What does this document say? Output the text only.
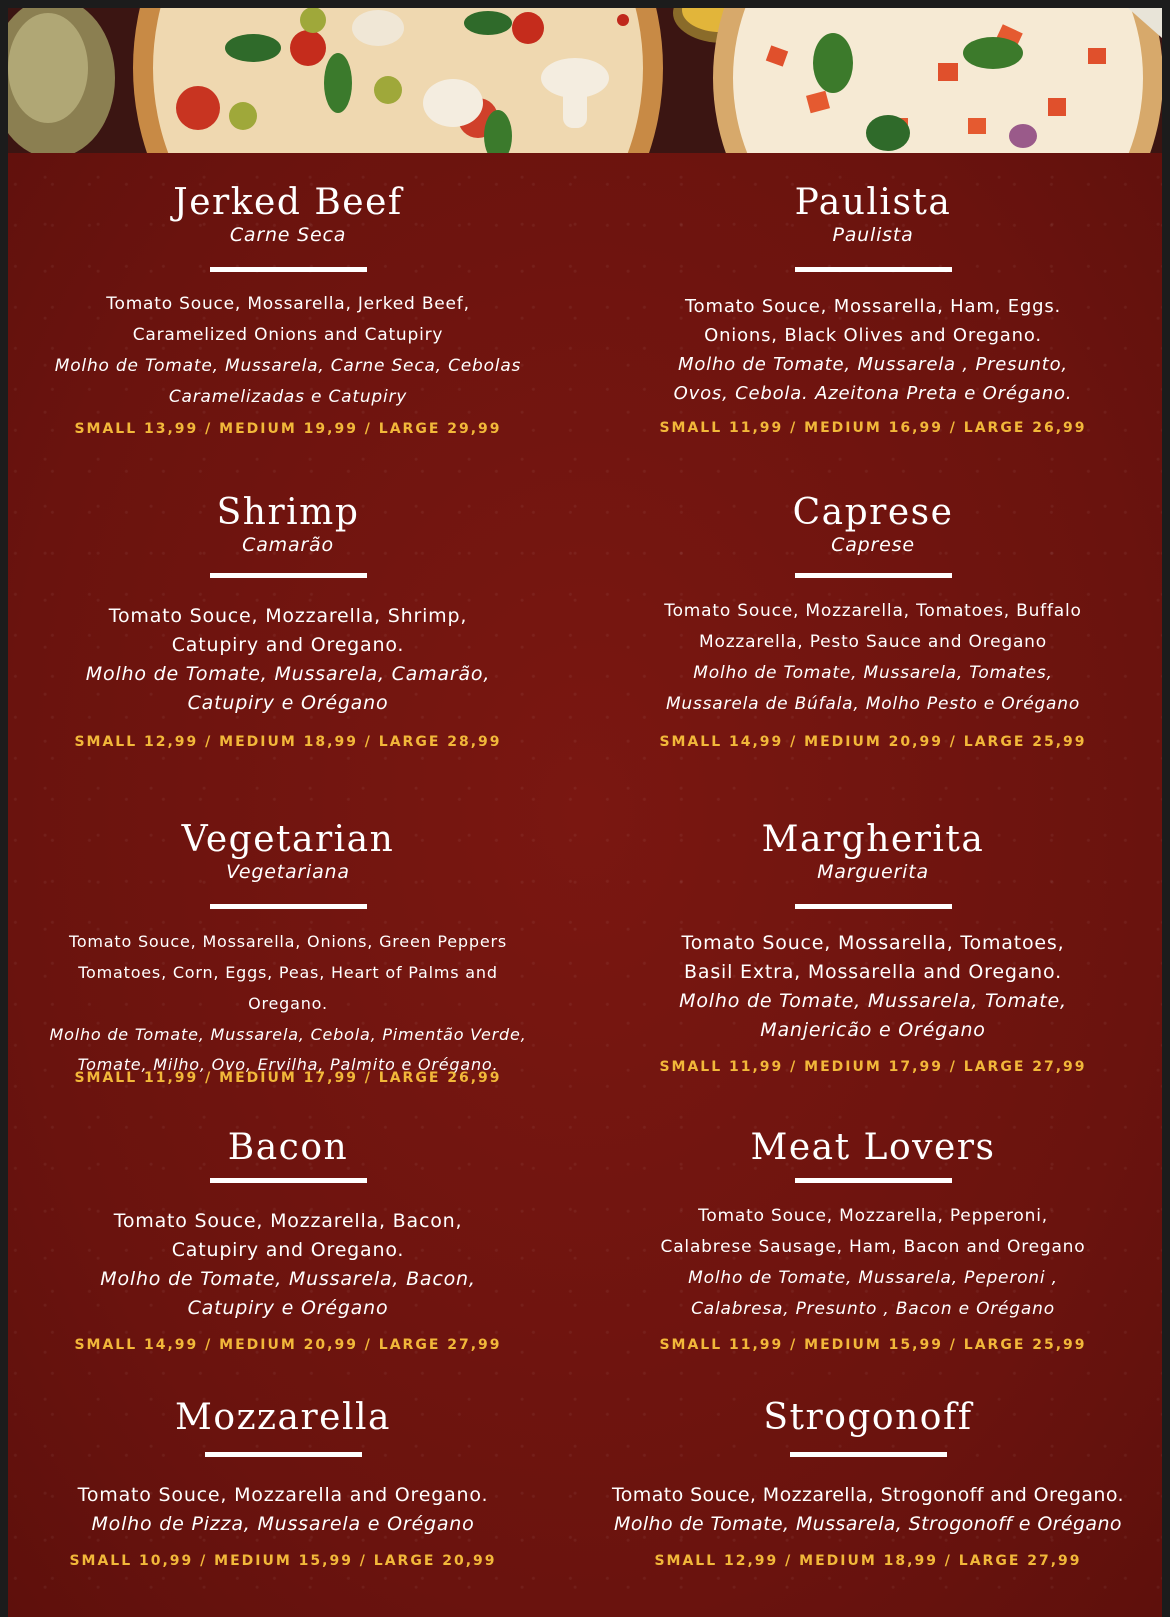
Jerked Beef
Carne Seca
Tomato Souce, Mossarella, Jerked Beef,
Caramelized Onions and Catupiry
Molho de Tomate, Mussarela, Carne Seca, Cebolas
Caramelizadas e Catupiry
SMALL 13,99 / MEDIUM 19,99 / LARGE 29,99
Paulista
Paulista
Tomato Souce, Mossarella, Ham, Eggs.
Onions, Black Olives and Oregano.
Molho de Tomate, Mussarela , Presunto,
Ovos, Cebola. Azeitona Preta e Orégano.
SMALL 11,99 / MEDIUM 16,99 / LARGE 26,99
Shrimp
Camarão
Tomato Souce, Mozzarella, Shrimp,
Catupiry and Oregano.
Molho de Tomate, Mussarela, Camarão,
Catupiry e Orégano
SMALL 12,99 / MEDIUM 18,99 / LARGE 28,99
Caprese
Caprese
Tomato Souce, Mozzarella, Tomatoes, Buffalo
Mozzarella, Pesto Sauce and Oregano
Molho de Tomate, Mussarela, Tomates,
Mussarela de Búfala, Molho Pesto e Orégano
SMALL 14,99 / MEDIUM 20,99 / LARGE 25,99
Vegetarian
Vegetariana
Tomato Souce, Mossarella, Onions, Green Peppers
Tomatoes, Corn, Eggs, Peas, Heart of Palms and
Oregano.
Molho de Tomate, Mussarela, Cebola, Pimentão Verde,
Tomate, Milho, Ovo, Ervilha, Palmito e Orégano.
SMALL 11,99 / MEDIUM 17,99 / LARGE 26,99
Margherita
Marguerita
Tomato Souce, Mossarella, Tomatoes,
Basil Extra, Mossarella and Oregano.
Molho de Tomate, Mussarela, Tomate,
Manjericão e Orégano
SMALL 11,99 / MEDIUM 17,99 / LARGE 27,99
Bacon
Tomato Souce, Mozzarella, Bacon,
Catupiry and Oregano.
Molho de Tomate, Mussarela, Bacon,
Catupiry e Orégano
SMALL 14,99 / MEDIUM 20,99 / LARGE 27,99
Meat Lovers
Tomato Souce, Mozzarella, Pepperoni,
Calabrese Sausage, Ham, Bacon and Oregano
Molho de Tomate, Mussarela, Peperoni ,
Calabresa, Presunto , Bacon e Orégano
SMALL 11,99 / MEDIUM 15,99 / LARGE 25,99
Mozzarella
Tomato Souce, Mozzarella and Oregano.
Molho de Pizza, Mussarela e Orégano
SMALL 10,99 / MEDIUM 15,99 / LARGE 20,99
Strogonoff
Tomato Souce, Mozzarella, Strogonoff and Oregano.
Molho de Tomate, Mussarela, Strogonoff e Orégano
SMALL 12,99 / MEDIUM 18,99 / LARGE 27,99
